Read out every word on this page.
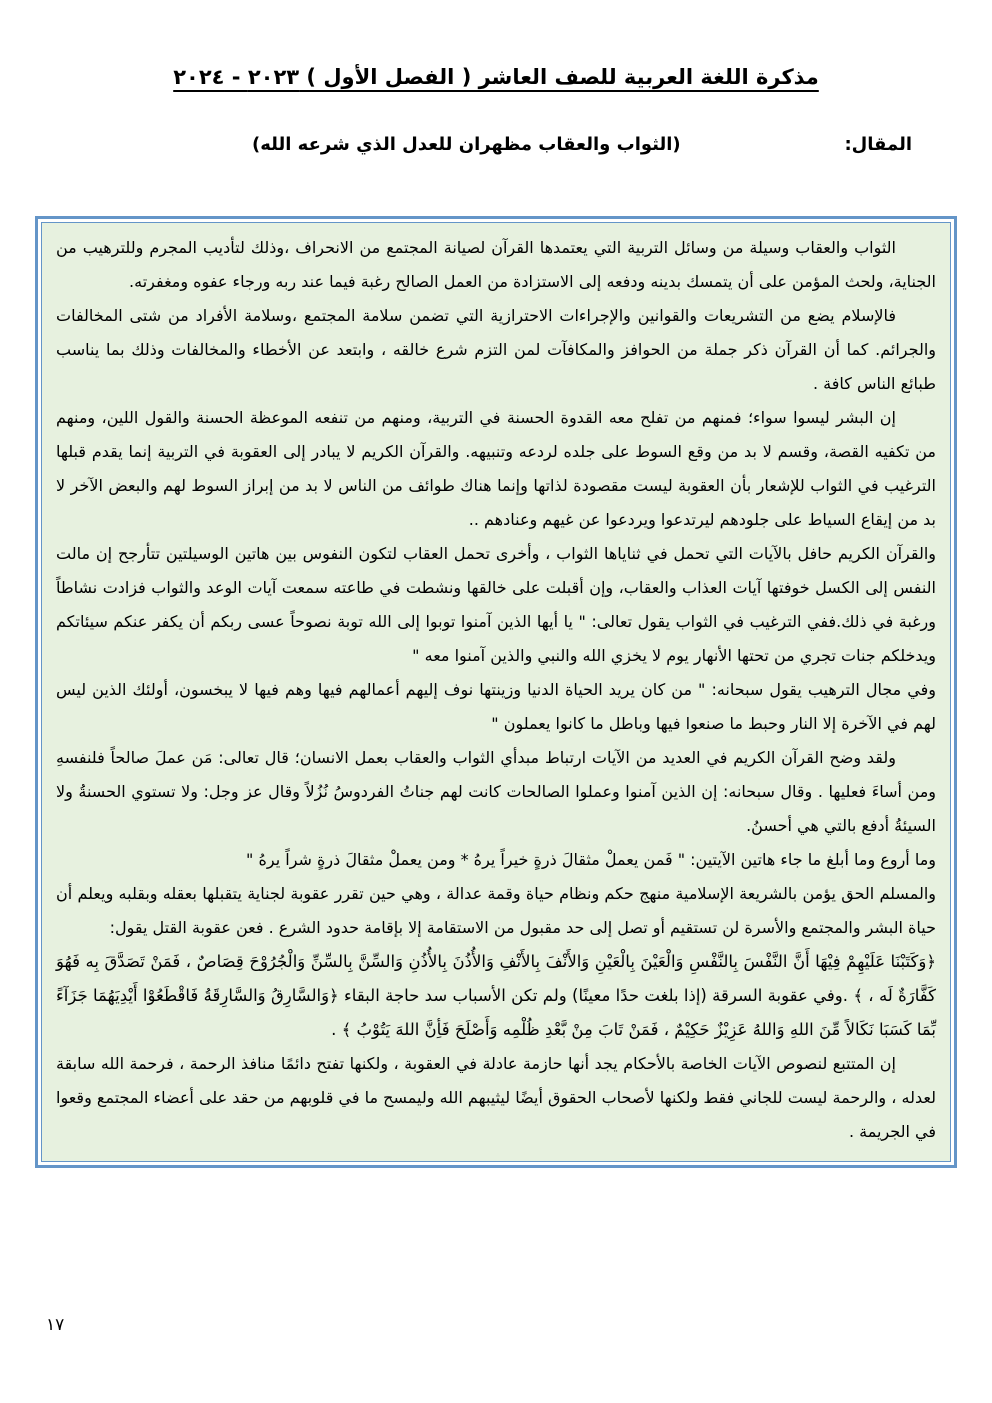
مذكرة اللغة العربية للصف العاشر ( الفصل الأول ) ٢٠٢٣ - ٢٠٢٤
المقال:
(الثواب والعقاب مظهران للعدل الذي شرعه الله)

الثواب والعقاب وسيلة من وسائل التربية التي يعتمدها القرآن لصيانة المجتمع من الانحراف ،وذلك لتأديب المجرم وللترهيب من الجناية، ولحث المؤمن على أن يتمسك بدينه ودفعه إلى الاستزادة من العمل الصالح رغبة فيما عند ربه ورجاء عفوه ومغفرته.

فالإسلام يضع من التشريعات والقوانين والإجراءات الاحترازية التي تضمن سلامة المجتمع ،وسلامة الأفراد من شتى المخالفات والجرائم. كما أن القرآن ذكر جملة من الحوافز والمكافآت لمن التزم شرع خالقه ، وابتعد عن الأخطاء والمخالفات وذلك بما يناسب طبائع الناس كافة .

إن البشر ليسوا سواء؛ فمنهم من تفلح معه القدوة الحسنة في التربية، ومنهم من تنفعه الموعظة الحسنة والقول اللين، ومنهم من تكفيه القصة، وقسم لا بد من وقع السوط على جلده لردعه وتنبيهه. والقرآن الكريم لا يبادر إلى العقوبة في التربية إنما يقدم قبلها الترغيب في الثواب للإشعار بأن العقوبة ليست مقصودة لذاتها وإنما هناك طوائف من الناس لا بد من إبراز السوط لهم والبعض الآخر لا بد من إيقاع السياط على جلودهم ليرتدعوا ويردعوا عن غيهم وعنادهم ..

والقرآن الكريم حافل بالآيات التي تحمل في ثناياها الثواب ، وأخرى تحمل العقاب لتكون النفوس بين هاتين الوسيلتين تتأرجح إن مالت النفس إلى الكسل خوفتها آيات العذاب والعقاب، وإن أقبلت على خالقها ونشطت في طاعته سمعت آيات الوعد والثواب فزادت نشاطاً ورغبة في ذلك.ففي الترغيب في الثواب يقول تعالى: " يا أيها الذين آمنوا توبوا إلى الله توبة نصوحاً عسى ربكم أن يكفر عنكم سيئاتكم ويدخلكم جنات تجري من تحتها الأنهار يوم لا يخزي الله والنبي والذين آمنوا معه "

وفي مجال الترهيب يقول سبحانه: " من كان يريد الحياة الدنيا وزينتها نوف إليهم أعمالهم فيها وهم فيها لا يبخسون، أولئك الذين ليس لهم في الآخرة إلا النار وحبط ما صنعوا فيها وباطل ما كانوا يعملون "

ولقد وضح القرآن الكريم في العديد من الآيات ارتباط مبدأي الثواب والعقاب بعمل الانسان؛ قال تعالى: مَن عملَ صالحاً فلنفسهِ ومن أساءَ فعليها . وقال سبحانه: إن الذين آمنوا وعملوا الصالحات كانت لهم جناتُ الفردوسُ نُزُلاً وقال عز وجل: ولا تستوي الحسنةُ ولا السيئةُ أدفع بالتي هي أحسنُ.

وما أروع وما أبلغ ما جاء هاتين الآيتين: " فَمن يعملْ مثقالَ ذرةٍ خيراً يرهُ * ومن يعملْ مثقالَ ذرةٍ شراً يرهُ "

والمسلم الحق يؤمن بالشريعة الإسلامية منهج حكم ونظام حياة وقمة عدالة ، وهي حين تقرر عقوبة لجناية يتقبلها بعقله وبقلبه ويعلم أن حياة البشر والمجتمع والأسرة لن تستقيم أو تصل إلى حد مقبول من الاستقامة إلا بإقامة حدود الشرع . فعن عقوبة القتل يقول:

﴿وَكَتَبْنَا عَلَيْهِمْ فِيْهَا أَنَّ النَّفْسَ بِالنَّفْسِ وَالْعَيْنَ بِالْعَيْنِ وَالأَنْفَ بِالأَنْفِ وَالأُذُنَ بِالأُذُنِ وَالسِّنَّ بِالسِّنِّ وَالْجُرُوْحَ قِصَاصٌ ، فَمَنْ تَصَدَّقَ بِه فَهُوَ كَفَّارَةٌ لَه ، ﴾ .وفي عقوبة السرقة (إذا بلغت حدًا معينًا) ولم تكن الأسباب سد حاجة البقاء ﴿وَالسَّارِقُ وَالسَّارِقَةُ فَاقْطَعُوْا أَيْدِيَهُمَا جَزَآءً بِّمَا كَسَبَا نَكَالاً مِّنَ اللهِ وَاللهُ عَزِيْزٌ حَكِيْمٌ ، فَمَنْ تَابَ مِنْ بَّعْدِ ظُلْمِه وَأَصْلَحَ فَأِنَّ اللهَ يَتُوْبُ ﴾ .

إن المتتبع لنصوص الآيات الخاصة بالأحكام يجد أنها حازمة عادلة في العقوبة ، ولكنها تفتح دائمًا منافذ الرحمة ، فرحمة الله سابقة لعدله ، والرحمة ليست للجاني فقط ولكنها لأصحاب الحقوق أيضًا ليثيبهم الله وليمسح ما في قلوبهم من حقد على أعضاء المجتمع وقعوا في الجريمة .

١٧
